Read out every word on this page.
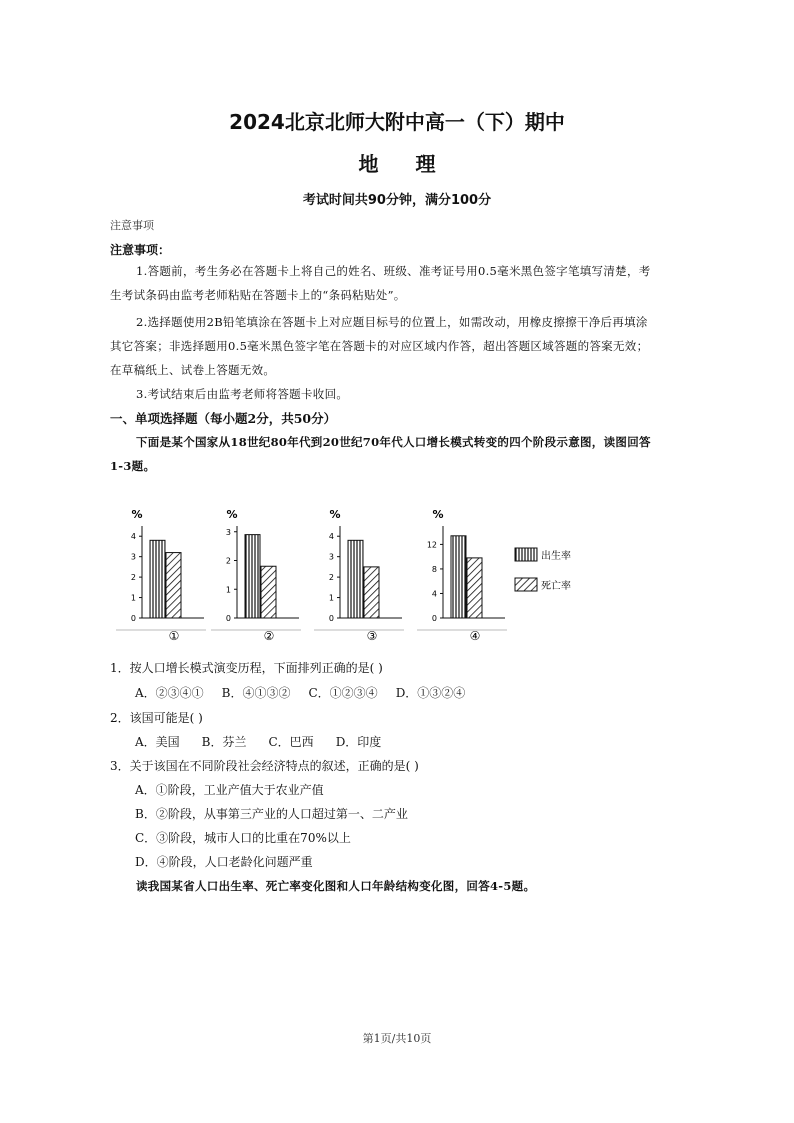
2024北京北师大附中高一（下）期中
地 理
考试时间共90分钟，满分100分
注意事项
注意事项：
1.答题前，考生务必在答题卡上将自己的姓名、班级、准考证号用0.5毫米黑色签字笔填写清楚，考
生考试条码由监考老师粘贴在答题卡上的“条码粘贴处”。
2.选择题使用2B铅笔填涂在答题卡上对应题目标号的位置上，如需改动，用橡皮擦擦干净后再填涂
其它答案；非选择题用0.5毫米黑色签字笔在答题卡的对应区域内作答，超出答题区域答题的答案无效；
在草稿纸上、试卷上答题无效。
3.考试结束后由监考老师将答题卡收回。
一、单项选择题（每小题2分，共50分）
下面是某个国家从18世纪80年代到20世纪70年代人口增长模式转变的四个阶段示意图，读图回答
1-3题。
%
0
1
2
3
4
①
%
0
1
2
3
②
%
0
1
2
3
4
③
%
0
4
8
12
④
出生率
死亡率
1．按人口增长模式演变历程，下面排列正确的是( )
A．②③④① B．④①③② C．①②③④ D．①③②④
2．该国可能是( )
A．美国 B．芬兰 C．巴西 D．印度
3．关于该国在不同阶段社会经济特点的叙述，正确的是( )
A．①阶段，工业产值大于农业产值
B．②阶段，从事第三产业的人口超过第一、二产业
C．③阶段，城市人口的比重在70%以上
D．④阶段，人口老龄化问题严重
读我国某省人口出生率、死亡率变化图和人口年龄结构变化图，回答4-5题。
第1页/共10页
